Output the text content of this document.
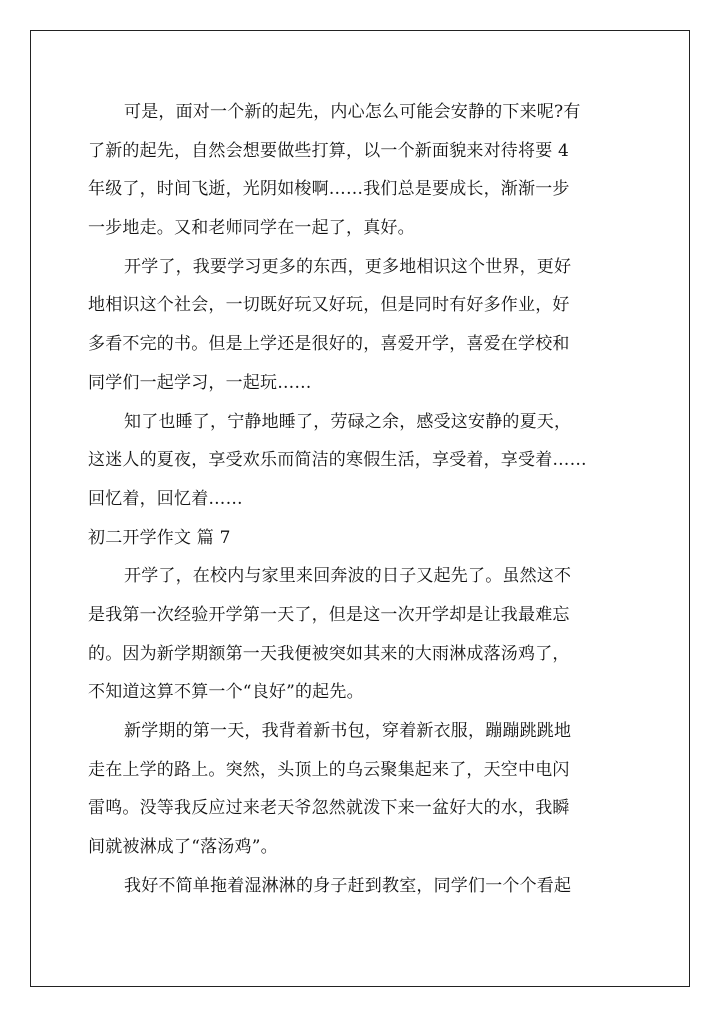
可是，面对一个新的起先，内心怎么可能会安静的下来呢?有
了新的起先，自然会想要做些打算，以一个新面貌来对待将要 4
年级了，时间飞逝，光阴如梭啊……我们总是要成长，渐渐一步
一步地走。又和老师同学在一起了，真好。
开学了，我要学习更多的东西，更多地相识这个世界，更好
地相识这个社会，一切既好玩又好玩，但是同时有好多作业，好
多看不完的书。但是上学还是很好的，喜爱开学，喜爱在学校和
同学们一起学习，一起玩……
知了也睡了，宁静地睡了，劳碌之余，感受这安静的夏天，
这迷人的夏夜，享受欢乐而简洁的寒假生活，享受着，享受着……
回忆着，回忆着……
初二开学作文 篇 7
开学了，在校内与家里来回奔波的日子又起先了。虽然这不
是我第一次经验开学第一天了，但是这一次开学却是让我最难忘
的。因为新学期额第一天我便被突如其来的大雨淋成落汤鸡了，
不知道这算不算一个“良好”的起先。
新学期的第一天，我背着新书包，穿着新衣服，蹦蹦跳跳地
走在上学的路上。突然，头顶上的乌云聚集起来了，天空中电闪
雷鸣。没等我反应过来老天爷忽然就泼下来一盆好大的水，我瞬
间就被淋成了“落汤鸡”。
我好不简单拖着湿淋淋的身子赶到教室，同学们一个个看起
